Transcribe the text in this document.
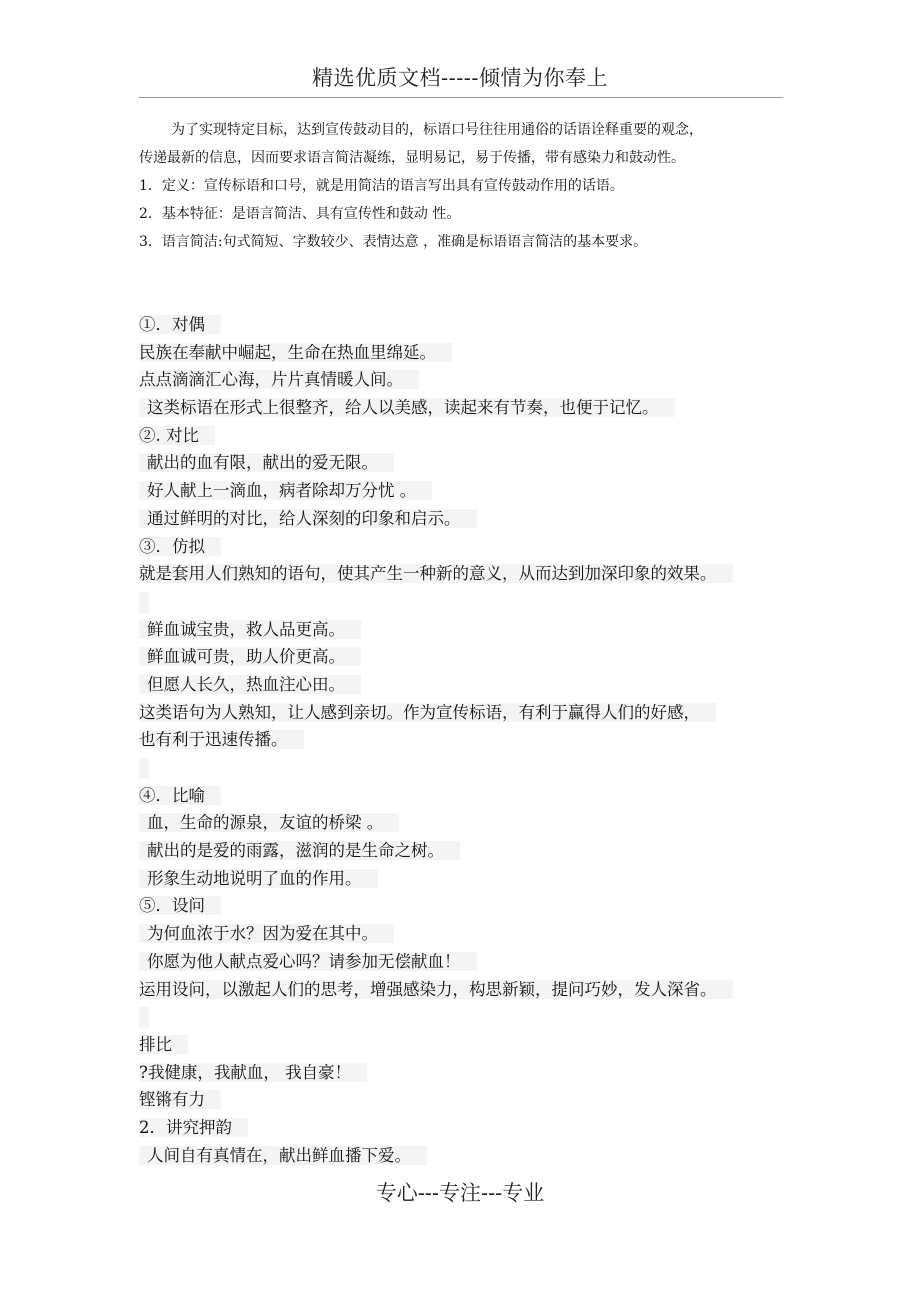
精选优质文档-----倾情为你奉上

为了实现特定目标，达到宣传鼓动目的，标语口号往往用通俗的话语诠释重要的观念，

传递最新的信息，因而要求语言简洁凝练，显明易记，易于传播，带有感染力和鼓动性。

1．定义：宣传标语和口号，就是用简洁的语言写出具有宣传鼓动作用的话语。

2．基本特征：是语言简洁、具有宣传性和鼓动 性。

3．语言简洁:句式简短、字数较少、表情达意 ，准确是标语语言简洁的基本要求。

①．对偶
民族在奉献中崛起，生命在热血里绵延。
点点滴滴汇心海，片片真情暖人间。
这类标语在形式上很整齐，给人以美感，读起来有节奏，也便于记忆。
②. 对比
献出的血有限，献出的爱无限。
好人献上一滴血，病者除却万分忧 。
通过鲜明的对比，给人深刻的印象和启示。
③．仿拟
就是套用人们熟知的语句，使其产生一种新的意义，从而达到加深印象的效果。
鲜血诚宝贵，救人品更高。
鲜血诚可贵，助人价更高。
但愿人长久，热血注心田。
这类语句为人熟知，让人感到亲切。作为宣传标语，有利于赢得人们的好感，
也有利于迅速传播。
④．比喻
血，生命的源泉，友谊的桥梁 。
献出的是爱的雨露，滋润的是生命之树。
形象生动地说明了血的作用。
⑤．设问
为何血浓于水？因为爱在其中。
你愿为他人献点爱心吗？请参加无偿献血！
运用设问，以激起人们的思考，增强感染力，构思新颖，提问巧妙，发人深省。
排比
?我健康，我献血， 我自豪！
铿锵有力
2．讲究押韵
人间自有真情在，献出鲜血播下爱。
专心---专注---专业
